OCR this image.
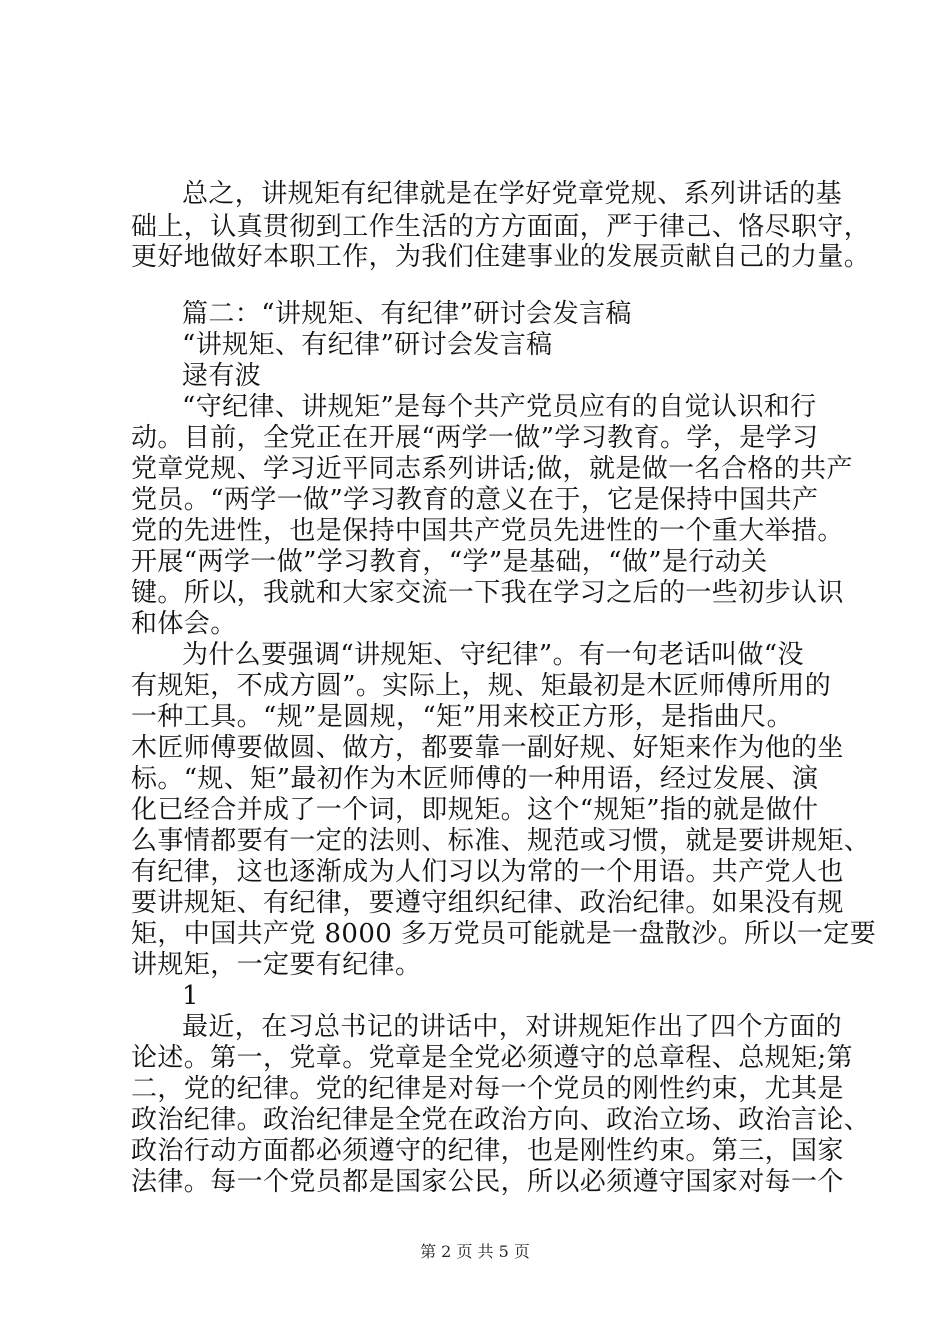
总之，讲规矩有纪律就是在学好党章党规、系列讲话的基
础上，认真贯彻到工作生活的方方面面，严于律己、恪尽职守，
更好地做好本职工作，为我们住建事业的发展贡献自己的力量。
篇二：“讲规矩、有纪律”研讨会发言稿
“讲规矩、有纪律”研讨会发言稿
逯有波
“守纪律、讲规矩”是每个共产党员应有的自觉认识和行
动。目前，全党正在开展“两学一做”学习教育。学，是学习
党章党规、学习近平同志系列讲话;做，就是做一名合格的共产
党员。“两学一做”学习教育的意义在于，它是保持中国共产
党的先进性，也是保持中国共产党员先进性的一个重大举措。
开展“两学一做”学习教育，“学”是基础，“做”是行动关
键。所以，我就和大家交流一下我在学习之后的一些初步认识
和体会。
为什么要强调“讲规矩、守纪律”。有一句老话叫做“没
有规矩，不成方圆”。实际上，规、矩最初是木匠师傅所用的
一种工具。“规”是圆规，“矩”用来校正方形，是指曲尺。
木匠师傅要做圆、做方，都要靠一副好规、好矩来作为他的坐
标。“规、矩”最初作为木匠师傅的一种用语，经过发展、演
化已经合并成了一个词，即规矩。这个“规矩”指的就是做什
么事情都要有一定的法则、标准、规范或习惯，就是要讲规矩、
有纪律，这也逐渐成为人们习以为常的一个用语。共产党人也
要讲规矩、有纪律，要遵守组织纪律、政治纪律。如果没有规
矩，中国共产党 8000 多万党员可能就是一盘散沙。所以一定要
讲规矩，一定要有纪律。
1
最近，在习总书记的讲话中，对讲规矩作出了四个方面的
论述。第一，党章。党章是全党必须遵守的总章程、总规矩;第
二，党的纪律。党的纪律是对每一个党员的刚性约束，尤其是
政治纪律。政治纪律是全党在政治方向、政治立场、政治言论、
政治行动方面都必须遵守的纪律，也是刚性约束。第三，国家
法律。每一个党员都是国家公民，所以必须遵守国家对每一个
第 2 页 共 5 页
